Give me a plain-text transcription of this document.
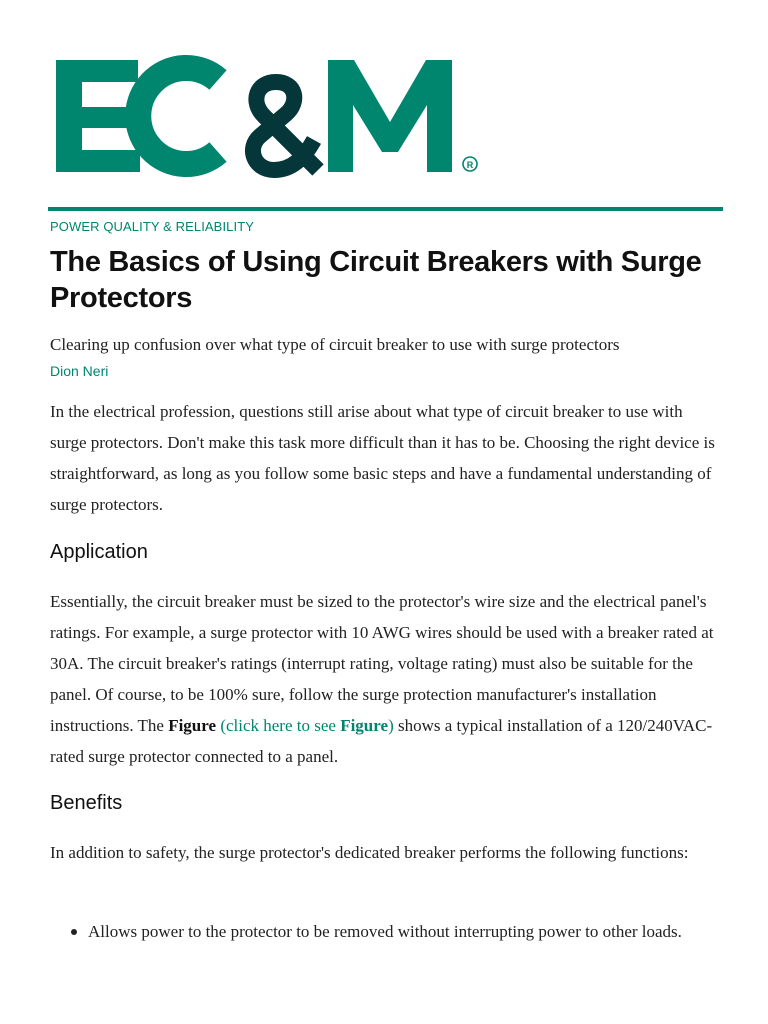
R
POWER QUALITY & RELIABILITY
The Basics of Using Circuit Breakers with Surge Protectors

Clearing up confusion over what type of circuit breaker to use with surge protectors

Dion Neri

In the electrical profession, questions still arise about what type of circuit breaker to use with surge protectors. Don't make this task more difficult than it has to be. Choosing the right device is straightforward, as long as you follow some basic steps and have a fundamental understanding of surge protectors.

Application

Essentially, the circuit breaker must be sized to the protector's wire size and the electrical panel's ratings. For example, a surge protector with 10 AWG wires should be used with a breaker rated at 30A. The circuit breaker's ratings (interrupt rating, voltage rating) must also be suitable for the panel. Of course, to be 100% sure, follow the surge protection manufacturer's installation instructions. The Figure (click here to see Figure) shows a typical installation of a 120/240VAC-rated surge protector connected to a panel.

Benefits

In addition to safety, the surge protector's dedicated breaker performs the following functions:

Allows power to the protector to be removed without interrupting power to other loads.
